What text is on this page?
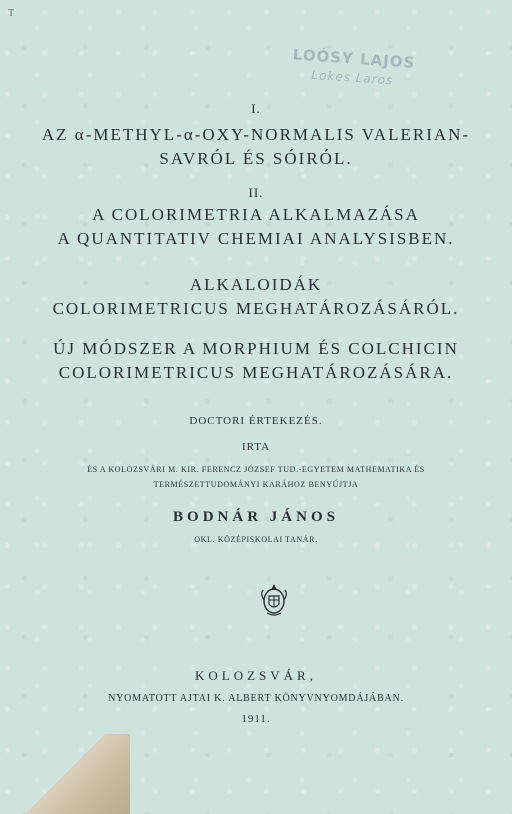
T
LOÓSY LAJOS
Lokes Laros
I.
AZ α-METHYL-α-OXY-NORMALIS VALERIAN-
SAVRÓL ÉS SÓIRÓL.
II.
A COLORIMETRIA ALKALMAZÁSA
A QUANTITATIV CHEMIAI ANALYSISBEN.
ALKALOIDÁK
COLORIMETRICUS MEGHATÁROZÁSÁRÓL.
ÚJ MÓDSZER A MORPHIUM ÉS COLCHICIN
COLORIMETRICUS MEGHATÁROZÁSÁRA.
DOCTORI ÉRTEKEZÉS.
IRTA
ÉS A KOLOZSVÁRI M. KIR. FERENCZ JÓZSEF TUD.-EGYETEM MATHEMATIKA ÉS
TERMÉSZETTUDOMÁNYI KARÁHOZ BENYÚJTJA
BODNÁR JÁNOS
OKL. KÖZÉPISKOLAI TANÁR.
KOLOZSVÁR,
NYOMATOTT AJTAI K. ALBERT KÖNYVNYOMDÁJÁBAN.
1911.
